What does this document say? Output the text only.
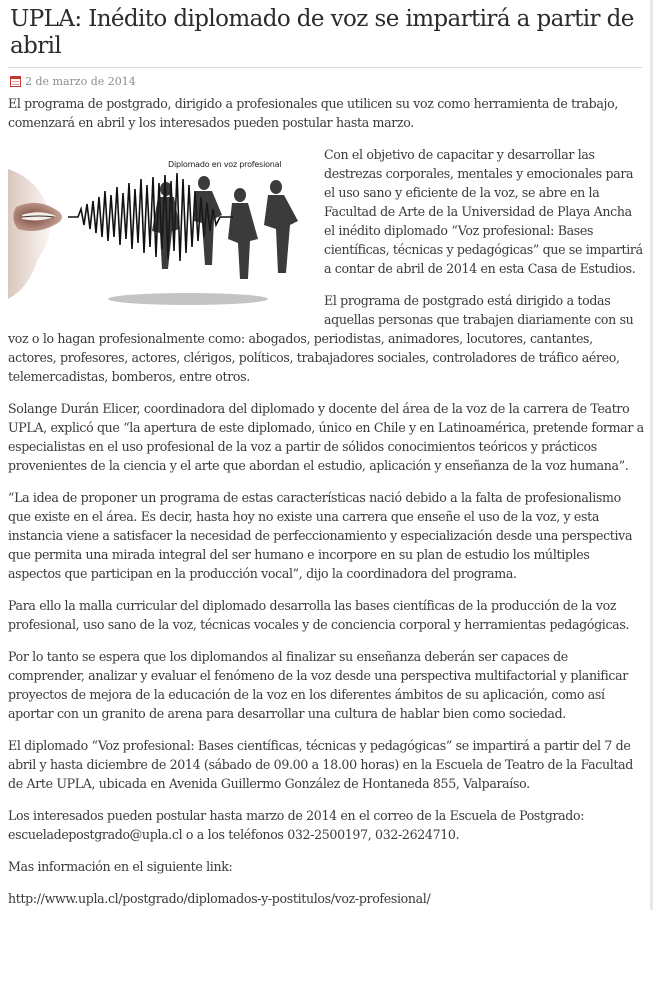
UPLA: Inédito diplomado de voz se impartirá a partir de abril
2 de marzo de 2014

El programa de postgrado, dirigido a profesionales que utilicen su voz como herramienta de trabajo, comenzará en abril y los interesados pueden postular hasta marzo.

Diplomado en voz profesional

Con el objetivo de capacitar y desarrollar las destrezas corporales, mentales y emocionales para el uso sano y eficiente de la voz, se abre en la Facultad de Arte de la Universidad de Playa Ancha el inédito diplomado “Voz profesional: Bases científicas, técnicas y pedagógicas” que se impartirá a contar de abril de 2014 en esta Casa de Estudios.

El programa de postgrado está dirigido a todas aquellas personas que trabajen diariamente con su voz o lo hagan profesionalmente como: abogados, periodistas, animadores, locutores, cantantes, actores, profesores, actores, clérigos, políticos, trabajadores sociales, controladores de tráfico aéreo, telemercadistas, bomberos, entre otros.

Solange Durán Elicer, coordinadora del diplomado y docente del área de la voz de la carrera de Teatro UPLA, explicó que “la apertura de este diplomado, único en Chile y en Latinoamérica, pretende formar a especialistas en el uso profesional de la voz a partir de sólidos conocimientos teóricos y prácticos provenientes de la ciencia y el arte que abordan el estudio, aplicación y enseñanza de la voz humana”.

“La idea de proponer un programa de estas características nació debido a la falta de profesionalismo que existe en el área. Es decir, hasta hoy no existe una carrera que enseñe el uso de la voz, y esta instancia viene a satisfacer la necesidad de perfeccionamiento y especialización desde una perspectiva que permita una mirada integral del ser humano e incorpore en su plan de estudio los múltiples aspectos que participan en la producción vocal”, dijo la coordinadora del programa.

Para ello la malla curricular del diplomado desarrolla las bases científicas de la producción de la voz profesional, uso sano de la voz, técnicas vocales y de conciencia corporal y herramientas pedagógicas.

Por lo tanto se espera que los diplomandos al finalizar su enseñanza deberán ser capaces de comprender, analizar y evaluar el fenómeno de la voz desde una perspectiva multifactorial y planificar proyectos de mejora de la educación de la voz en los diferentes ámbitos de su aplicación, como así aportar con un granito de arena para desarrollar una cultura de hablar bien como sociedad.

El diplomado “Voz profesional: Bases científicas, técnicas y pedagógicas” se impartirá a partir del 7 de abril y hasta diciembre de 2014 (sábado de 09.00 a 18.00 horas) en la Escuela de Teatro de la Facultad de Arte UPLA, ubicada en Avenida Guillermo González de Hontaneda 855, Valparaíso.

Los interesados pueden postular hasta marzo de 2014 en el correo de la Escuela de Postgrado: escueladepostgrado@upla.cl o a los teléfonos 032-2500197, 032-2624710.

Mas información en el siguiente link:

http://www.upla.cl/postgrado/diplomados-y-postitulos/voz-profesional/
